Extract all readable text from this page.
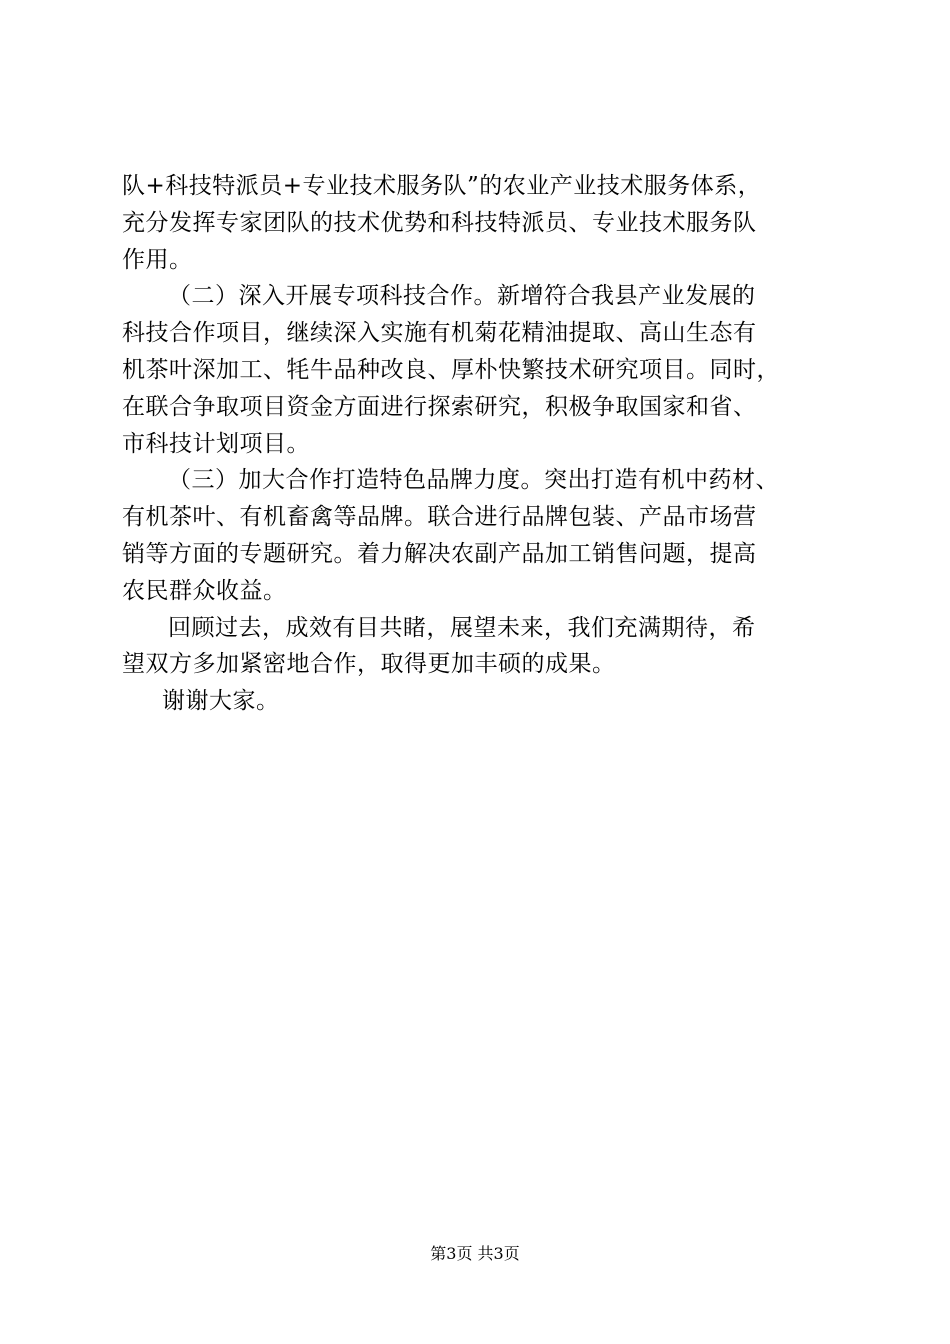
队+科技特派员+专业技术服务队”的农业产业技术服务体系，
充分发挥专家团队的技术优势和科技特派员、专业技术服务队
作用。
（二）深入开展专项科技合作。新增符合我县产业发展的
科技合作项目，继续深入实施有机菊花精油提取、高山生态有
机茶叶深加工、牦牛品种改良、厚朴快繁技术研究项目。同时，
在联合争取项目资金方面进行探索研究，积极争取国家和省、
市科技计划项目。
（三）加大合作打造特色品牌力度。突出打造有机中药材、
有机茶叶、有机畜禽等品牌。联合进行品牌包装、产品市场营
销等方面的专题研究。着力解决农副产品加工销售问题，提高
农民群众收益。
回顾过去，成效有目共睹，展望未来，我们充满期待，希
望双方多加紧密地合作，取得更加丰硕的成果。
谢谢大家。
第3页 共3页
